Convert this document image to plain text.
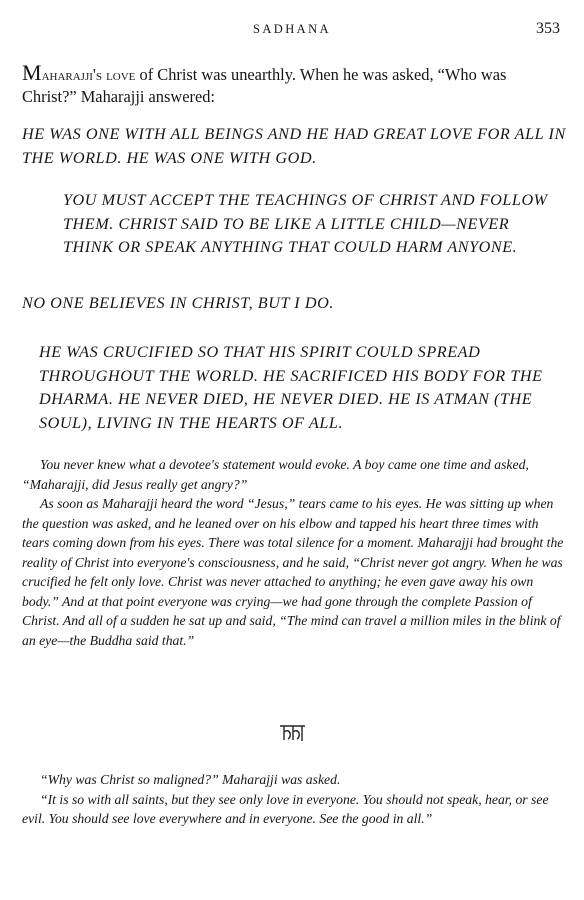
SADHANA	353

Maharajji's love of Christ was unearthly. When he was asked, “Who was Christ?” Maharajji answered:

HE WAS ONE WITH ALL BEINGS AND HE HAD GREAT LOVE FOR ALL IN THE WORLD. HE WAS ONE WITH GOD.

YOU MUST ACCEPT THE TEACHINGS OF CHRIST AND FOLLOW THEM. CHRIST SAID TO BE LIKE A LITTLE CHILD—NEVER THINK OR SPEAK ANYTHING THAT COULD HARM ANYONE.

NO ONE BELIEVES IN CHRIST, BUT I DO.

HE WAS CRUCIFIED SO THAT HIS SPIRIT COULD SPREAD THROUGHOUT THE WORLD. HE SACRIFICED HIS BODY FOR THE DHARMA. HE NEVER DIED, HE NEVER DIED. HE IS ATMAN (THE SOUL), LIVING IN THE HEARTS OF ALL.

You never knew what a devotee's statement would evoke. A boy came one time and asked, “Maharajji, did Jesus really get angry?”

As soon as Maharajji heard the word “Jesus,” tears came to his eyes. He was sitting up when the question was asked, and he leaned over on his elbow and tapped his heart three times with tears coming down from his eyes. There was total silence for a moment. Maharajji had brought the reality of Christ into everyone's consciousness, and he said, “Christ never got angry. When he was crucified he felt only love. Christ was never attached to anything; he even gave away his own body.” And at that point everyone was crying—we had gone through the complete Passion of Christ. And all of a sudden he sat up and said, “The mind can travel a million miles in the blink of an eye—the Buddha said that.”

“Why was Christ so maligned?” Maharajji was asked.

“It is so with all saints, but they see only love in everyone. You should not speak, hear, or see evil. You should see love everywhere and in everyone. See the good in all.”
